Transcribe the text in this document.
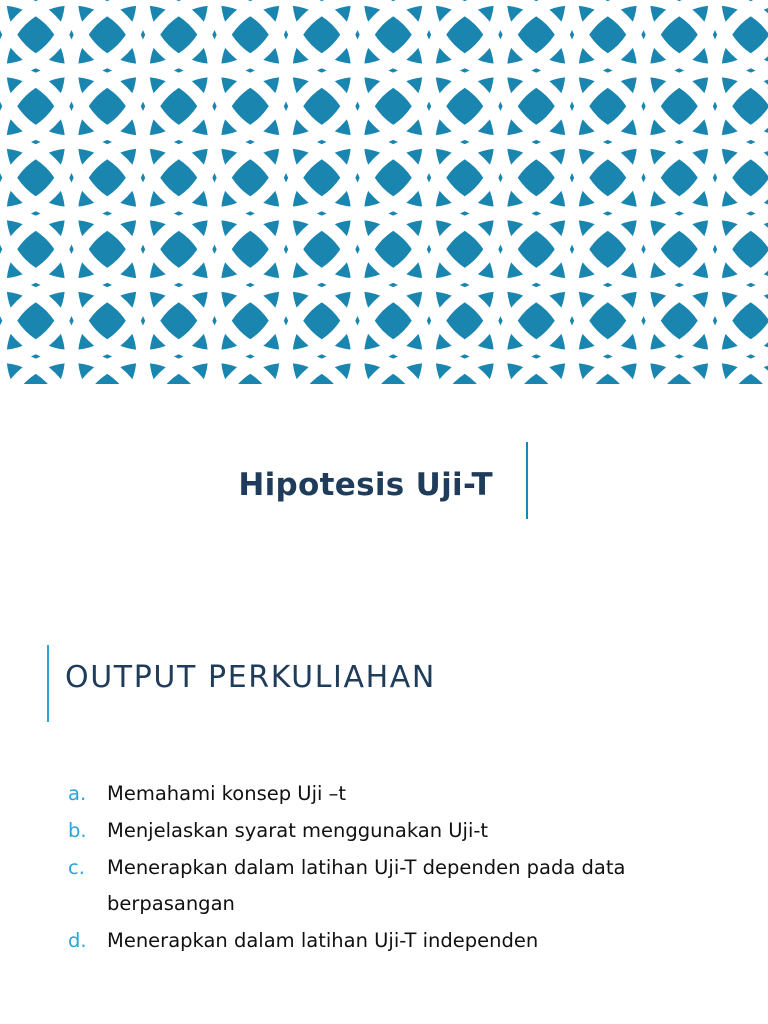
Hipotesis Uji-T
OUTPUT PERKULIAHAN
a. Memahami konsep Uji –t
b. Menjelaskan syarat menggunakan Uji-t
c. Menerapkan dalam latihan Uji-T dependen pada data berpasangan
d. Menerapkan dalam latihan Uji-T independen
